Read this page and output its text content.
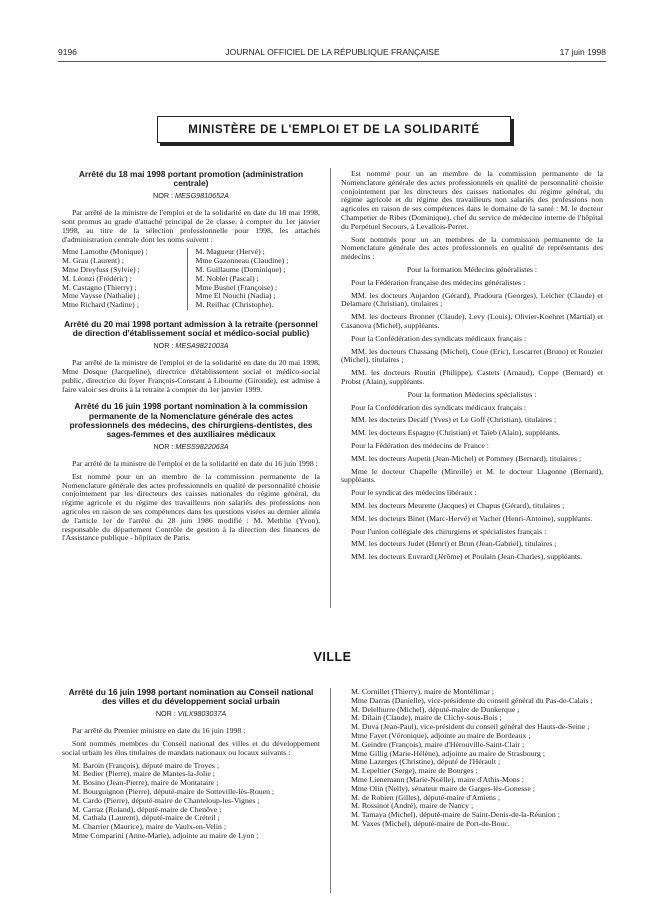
9196	JOURNAL OFFICIEL DE LA RÉPUBLIQUE FRANÇAISE	17 juin 1998
MINISTÈRE DE L'EMPLOI ET DE LA SOLIDARITÉ

Arrêté du 18 mai 1998 portant promotion (administration centrale)

NOR : MESG9810652A

Par arrêté de la ministre de l'emploi et de la solidarité en date du 18 mai 1998, sont promus au grade d'attaché principal de 2e classe, à compter du 1er janvier 1998, au titre de la sélection professionnelle pour 1998, les attachés d'administration centrale dont les noms suivent :

Mme Lamothe (Monique) ;
M. Grau (Laurent) ;
Mme Dreyfuss (Sylvie) ;
M. Léonzi (Frédéric) ;
M. Castagno (Thierry) ;
Mme Vaysse (Nathalie) ;
Mme Richard (Nadine) ;
M. Magueur (Hervé) ;
Mme Gazonneau (Claudine) ;
M. Guillaume (Dominique) ;
M. Noblet (Pascal) ;
Mme Busnel (Françoise) ;
Mme El Nouchi (Nadia) ;
M. Reilhac (Christophe).

Arrêté du 20 mai 1998 portant admission à la retraite (personnel de direction d'établissement social et médico-social public)

NOR : MESA9821003A

Par arrêté de la ministre de l'emploi et de la solidarité en date du 20 mai 1998, Mme Dosque (Jacqueline), directrice d'établissement social et médico-social public, directrice du foyer François-Constant à Libourne (Gironde), est admise à faire valoir ses droits à la retraite à compter du 1er janvier 1999.

Arrêté du 16 juin 1998 portant nomination à la commission permanente de la Nomenclature générale des actes professionnels des médecins, des chirurgiens-dentistes, des sages-femmes et des auxiliaires médicaux

NOR : MESS9822063A

Par arrêté de la ministre de l'emploi et de la solidarité en date du 16 juin 1998 :

Est nommé pour un an membre de la commission permanente de la Nomenclature générale des actes professionnels en qualité de personnalité choisie conjointement par les directeurs des caisses nationales du régime général, du régime agricole et du régime des travailleurs non salariés des professions non agricoles en raison de ses compétences dans les questions visées au dernier alinéa de l'article 1er de l'arrêté du 28 juin 1986 modifié : M. Methlie (Yvon), responsable du département Contrôle de gestion à la direction des finances de l'Assistance publique - hôpitaux de Paris.

Est nommé pour un an membre de la commission permanente de la Nomenclature générale des actes professionnels en qualité de personnalité choisie conjointement par les directeurs des caisses nationales du régime général, du régime agricole et du régime des travailleurs non salariés des professions non agricoles en raison de ses compétences dans le domaine de la santé : M. le docteur Champetier de Ribes (Dominique), chef du service de médecine interne de l'hôpital du Perpétuel Secours, à Levallois-Perret.

Sont nommés pour un an membres de la commission permanente de la Nomenclature générale des actes professionnels en qualité de représentants des médecins :

Pour la formation Médecins généralistes :

Pour la Fédération française des médecins généralistes :

MM. les docteurs Aujardon (Gérard), Pradoura (Georges), Leicher (Claude) et Delamare (Christian), titulaires ;

MM. les docteurs Bronner (Claude), Levy (Louis), Olivier-Koehret (Martial) et Casanova (Michel), suppléants.

Pour la Confédération des syndicats médicaux français :

MM. les docteurs Chassang (Michel), Coue (Eric), Lescarret (Bruno) et Rouzier (Michel), titulaires ;

MM. les docteurs Routin (Philippe), Castets (Arnaud), Coppe (Bernard) et Probst (Alain), suppléants.

Pour la formation Médecins spécialistes :

Pour la Confédération des syndicats médicaux français :

MM. les docteurs Decalf (Yves) et Le Goff (Christian), titulaires ;

MM. les docteurs Espagno (Christian) et Taïeb (Alain), suppléants.

Pour la Fédération des médecins de France :

MM. les docteurs Aupetit (Jean-Michel) et Pommey (Bernard), titulaires ;

Mme le docteur Chapelle (Mireille) et M. le docteur Llagonne (Bernard), suppléants.

Pour le syndicat des médecins libéraux :

MM. les docteurs Meurette (Jacques) et Chapus (Gérard), titulaires ;

MM. les docteurs Binet (Marc-Hervé) et Vacher (Henri-Antoine), suppléants.

Pour l'union collégiale des chirurgiens et spécialistes français :

MM. les docteurs Judet (Henri) et Brun (Jean-Gabriel), titulaires ;

MM. les docteurs Euvrard (Jérôme) et Poulain (Jean-Charles), suppléants.

VILLE

Arrêté du 16 juin 1998 portant nomination au Conseil national des villes et du développement social urbain

NOR : VILX9803037A

Par arrêté du Premier ministre en date du 16 juin 1998 :

Sont nommés membres du Conseil national des villes et du développement social urbain les élus titulaires de mandats nationaux ou locaux suivants :

M. Baroin (François), député maire de Troyes ;
M. Bedier (Pierre), maire de Mantes-la-Jolie ;
M. Bosino (Jean-Pierre), maire de Montataire ;
M. Bourguignon (Pierre), député-maire de Sotteville-lès-Rouen ;
M. Cardo (Pierre), député-maire de Chanteloup-les-Vignes ;
M. Carraz (Roland), député-maire de Chenôve ;
M. Cathala (Laurent), député-maire de Créteil ;
M. Charrier (Maurice), maire de Vaulx-en-Velin ;
Mme Comparini (Anne-Marie), adjointe au maire de Lyon ;
M. Cornillet (Thierry), maire de Montélimar ;
Mme Darras (Danielle), vice-présidente du conseil général du Pas-de-Calais ;
M. Delelhurre (Michel), député-maire de Dunkerque ;
M. Dilain (Claude), maire de Clichy-sous-Bois ;
M. Duva (Jean-Paul), vice-président du conseil général des Hauts-de-Seine ;
Mme Fayet (Véronique), adjointe au maire de Bordeaux ;
M. Geindre (François), maire d'Hérouville-Saint-Clair ;
Mme Gillig (Marie-Hélène), adjointe au maire de Strasbourg ;
Mme Lazerges (Christine), député de l'Hérault ;
M. Lepeltier (Serge), maire de Bourges ;
Mme Lienemann (Marie-Noëlle), maire d'Athis-Mons ;
Mme Olin (Nelly), sénateur maire de Garges-lès-Gonesse ;
M. de Robien (Gilles), député-maire d'Amiens ;
M. Rossinot (André), maire de Nancy ;
M. Tamaya (Michel), député-maire de Saint-Denis-de-la-Réunion ;
M. Vaxes (Michel), député-maire de Port-de-Bouc.
